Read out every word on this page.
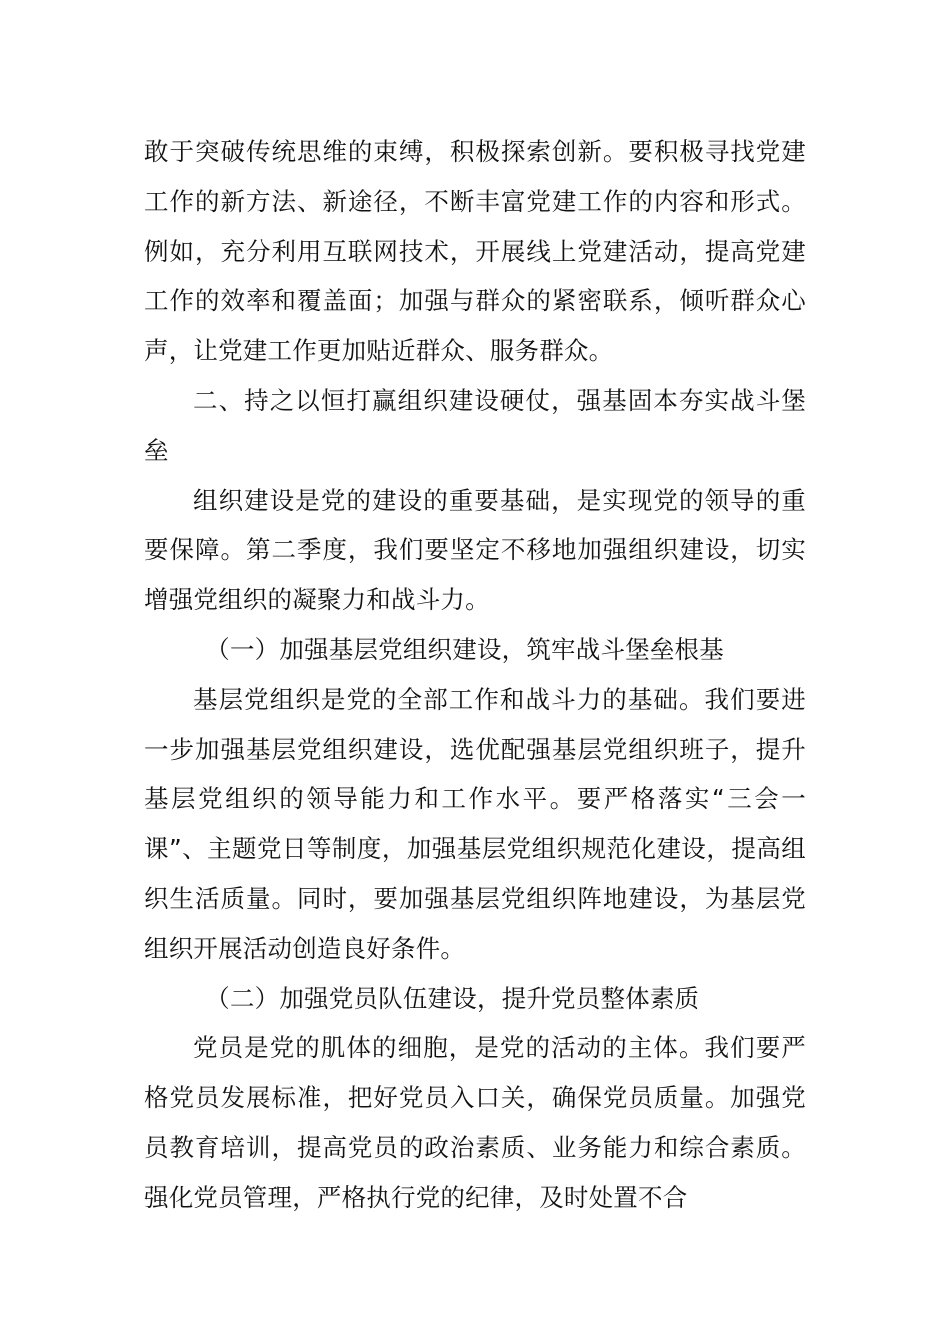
敢于突破传统思维的束缚，积极探索创新。要积极寻找党建工作的新方法、新途径，不断丰富党建工作的内容和形式。例如，充分利用互联网技术，开展线上党建活动，提高党建工作的效率和覆盖面；加强与群众的紧密联系，倾听群众心声，让党建工作更加贴近群众、服务群众。

二、持之以恒打赢组织建设硬仗，强基固本夯实战斗堡垒

组织建设是党的建设的重要基础，是实现党的领导的重要保障。第二季度，我们要坚定不移地加强组织建设，切实增强党组织的凝聚力和战斗力。

（一）加强基层党组织建设，筑牢战斗堡垒根基

基层党组织是党的全部工作和战斗力的基础。我们要进一步加强基层党组织建设，选优配强基层党组织班子，提升基层党组织的领导能力和工作水平。要严格落实“三会一课”、主题党日等制度，加强基层党组织规范化建设，提高组织生活质量。同时，要加强基层党组织阵地建设，为基层党组织开展活动创造良好条件。

（二）加强党员队伍建设，提升党员整体素质

党员是党的肌体的细胞，是党的活动的主体。我们要严格党员发展标准，把好党员入口关，确保党员质量。加强党员教育培训，提高党员的政治素质、业务能力和综合素质。强化党员管理，严格执行党的纪律，及时处置不合
